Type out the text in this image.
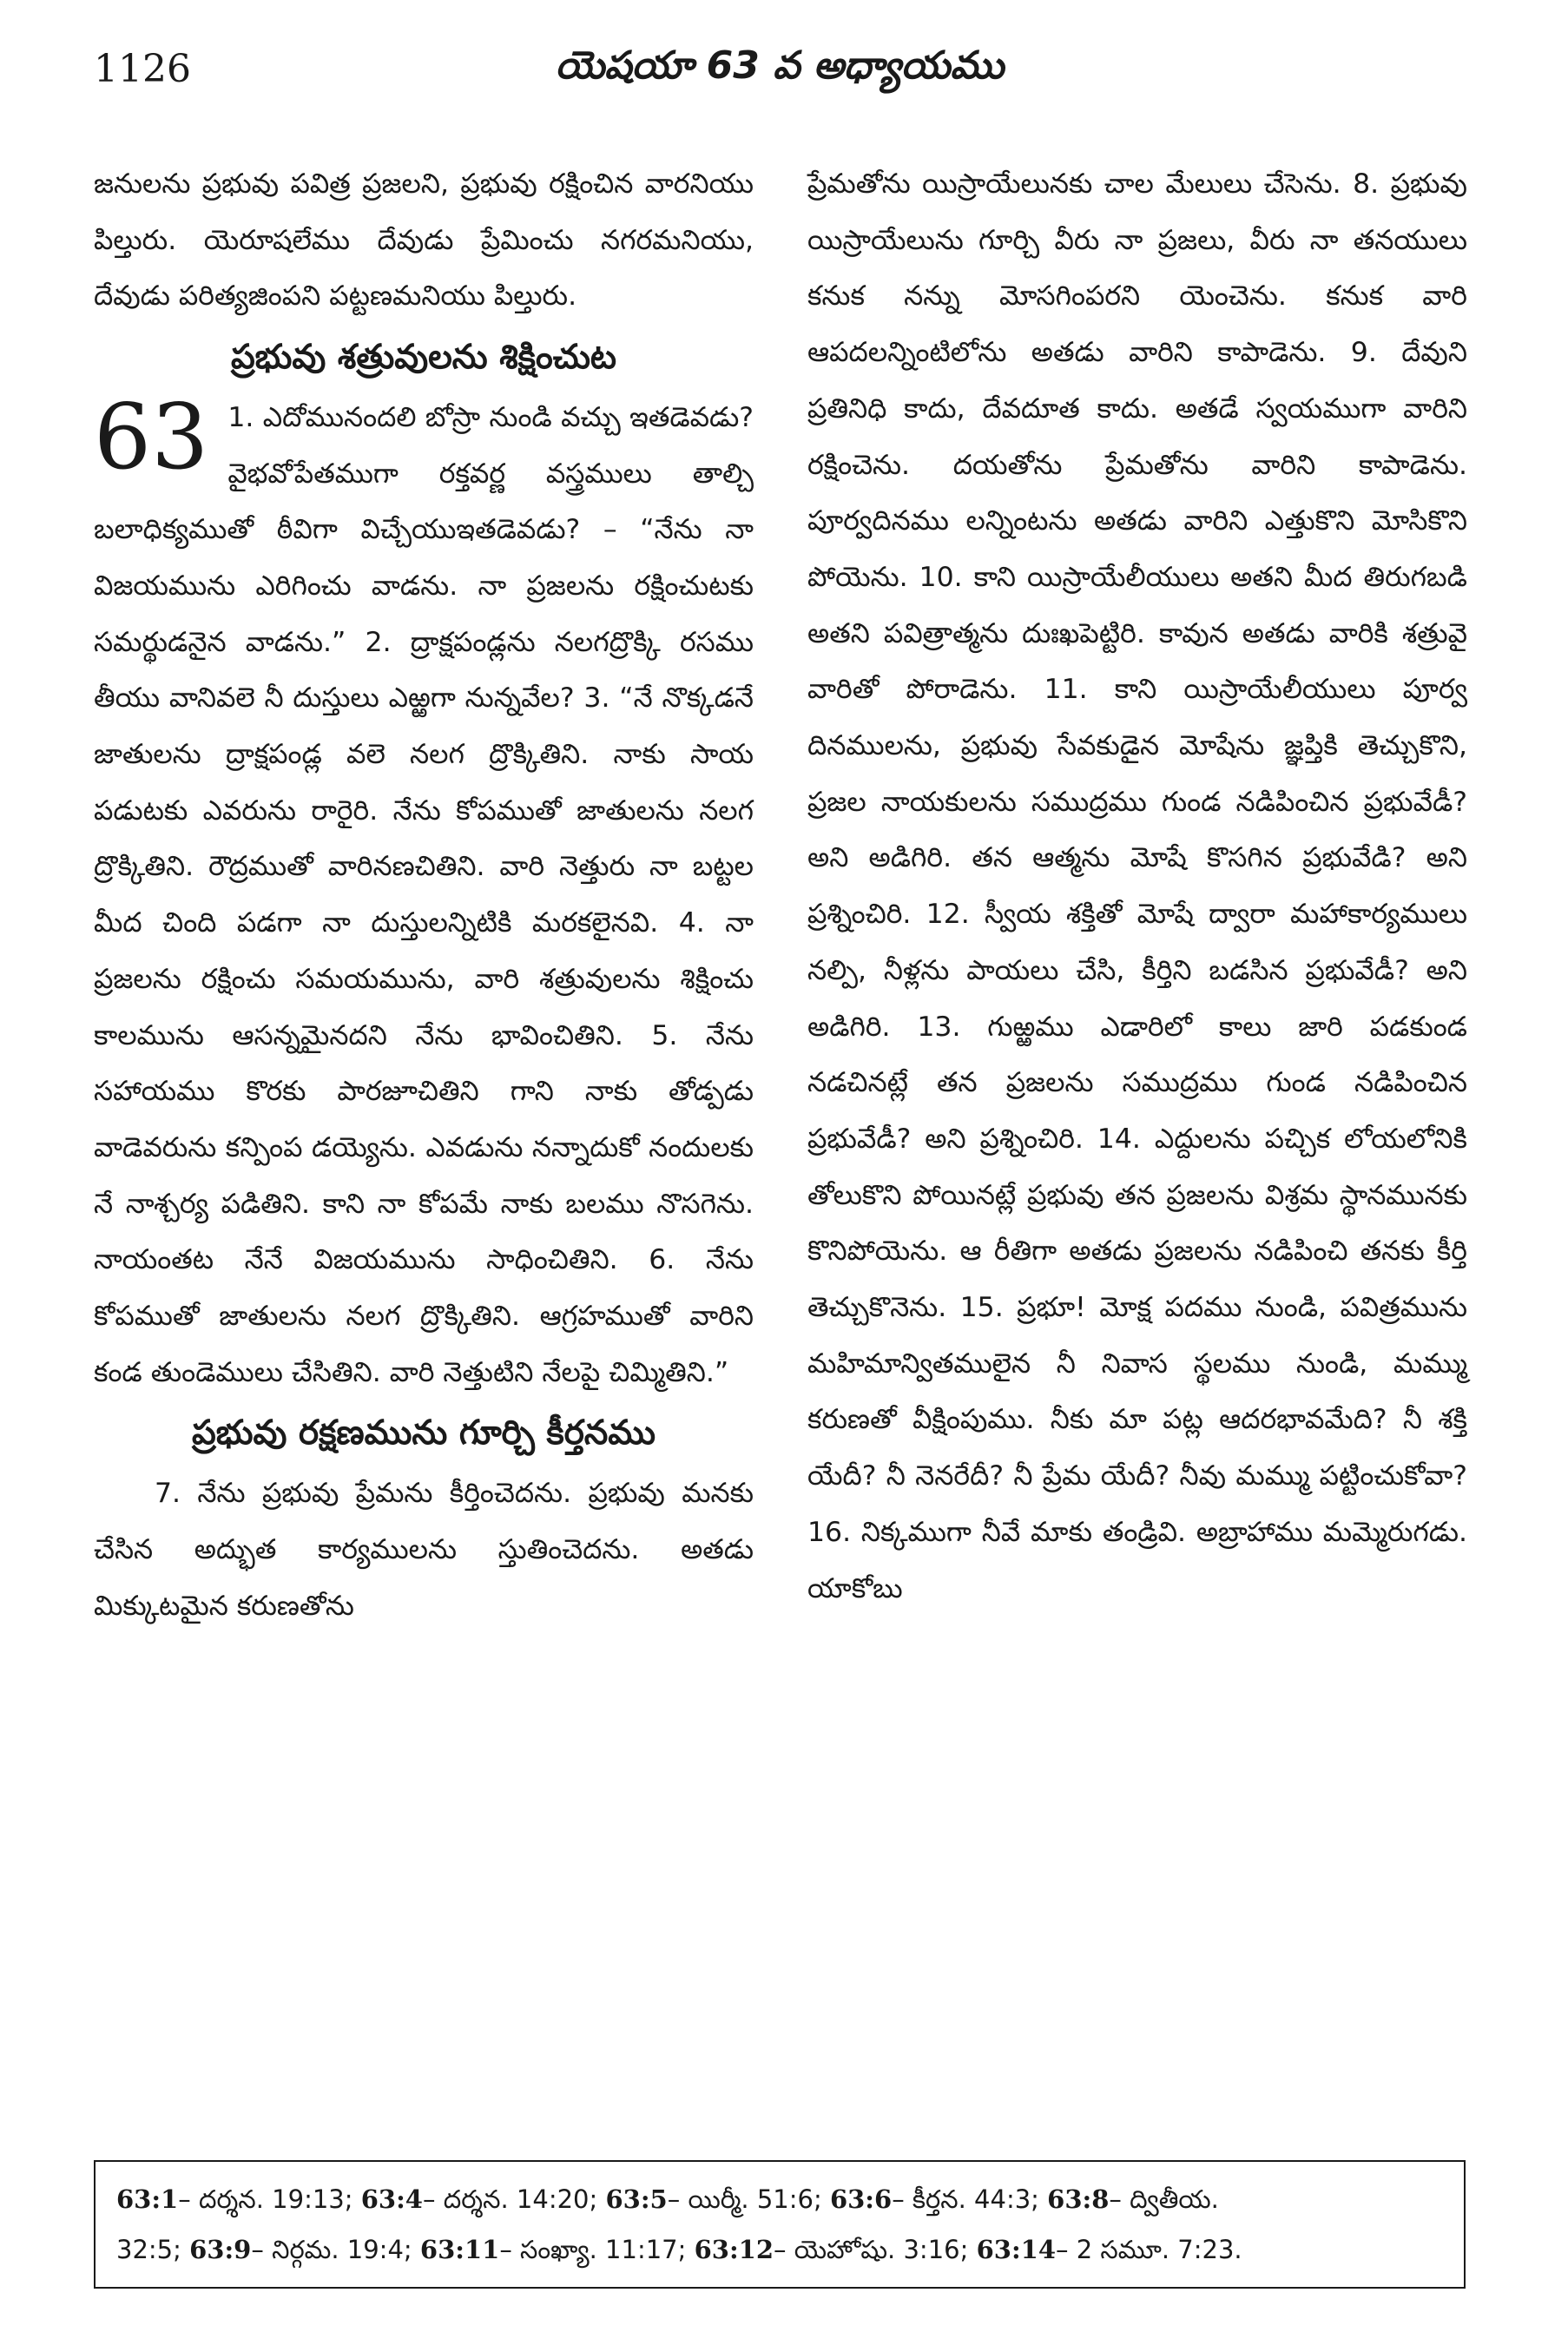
1126	యెషయా 63 వ అధ్యాయము

జనులను ప్రభువు పవిత్ర ప్రజలని, ప్రభువు రక్షించిన వారనియు పిల్తురు. యెరూషలేము దేవుడు ప్రేమించు నగరమనియు, దేవుడు పరిత్యజింపని పట్టణమనియు పిల్తురు.

ప్రభువు శత్రువులను శిక్షించుట

63 1. ఎదోమునందలి బోస్రా నుండి వచ్చు ఇతడెవడు? వైభవోపేతముగా రక్తవర్ణ వస్త్రములు తాల్చి బలాధిక్యముతో ఠీవిగా విచ్చేయుఇతడెవడు? – “నేను నా విజయమును ఎరిగించు వాడను. నా ప్రజలను రక్షించుటకు సమర్థుడనైన వాడను.” 2. ద్రాక్షపండ్లను నలగద్రొక్కి రసము తీయు వానివలె నీ దుస్తులు ఎఱ్ఱగా నున్నవేల? 3. “నే నొక్కడనే జాతులను ద్రాక్షపండ్ల వలె నలగ ద్రొక్కితిని. నాకు సాయ పడుటకు ఎవరును రారైరి. నేను కోపముతో జాతులను నలగ ద్రొక్కితిని. రౌద్రముతో వారినణచితిని. వారి నెత్తురు నా బట్టల మీద చింది పడగా నా దుస్తులన్నిటికి మరకలైనవి. 4. నా ప్రజలను రక్షించు సమయమును, వారి శత్రువులను శిక్షించు కాలమును ఆసన్నమైనదని నేను భావించితిని. 5. నేను సహాయము కొరకు పారజూచితిని గాని నాకు తోడ్పడు వాడెవరును కన్పింప డయ్యెను. ఎవడును నన్నాదుకో నందులకు నే నాశ్చర్య పడితిని. కాని నా కోపమే నాకు బలము నొసగెను. నాయంతట నేనే విజయమును సాధించితిని. 6. నేను కోపముతో జాతులను నలగ ద్రొక్కితిని. ఆగ్రహముతో వారిని కండ తుండెములు చేసితిని. వారి నెత్తుటిని నేలపై చిమ్మితిని.”

ప్రభువు రక్షణమును గూర్చి కీర్తనము

7. నేను ప్రభువు ప్రేమను కీర్తించెదను. ప్రభువు మనకు చేసిన అద్భుత కార్యములను స్తుతించెదను. అతడు మిక్కుటమైన కరుణతోను

ప్రేమతోను యిస్రాయేలునకు చాల మేలులు చేసెను. 8. ప్రభువు యిస్రాయేలును గూర్చి వీరు నా ప్రజలు, వీరు నా తనయులు కనుక నన్ను మోసగింపరని యెంచెను. కనుక వారి ఆపదలన్నింటిలోను అతడు వారిని కాపాడెను. 9. దేవుని ప్రతినిధి కాదు, దేవదూత కాదు. అతడే స్వయముగా వారిని రక్షించెను. దయతోను ప్రేమతోను వారిని కాపాడెను. పూర్వదినము లన్నింటను అతడు వారిని ఎత్తుకొని మోసికొని పోయెను. 10. కాని యిస్రాయేలీయులు అతని మీద తిరుగబడి అతని పవిత్రాత్మను దుఃఖపెట్టిరి. కావున అతడు వారికి శత్రువై వారితో పోరాడెను. 11. కాని యిస్రాయేలీయులు పూర్వ దినములను, ప్రభువు సేవకుడైన మోషేను జ్ఞప్తికి తెచ్చుకొని, ప్రజల నాయకులను సముద్రము గుండ నడిపించిన ప్రభువేడీ? అని అడిగిరి. తన ఆత్మను మోషే కొసగిన ప్రభువేడి? అని ప్రశ్నించిరి. 12. స్వీయ శక్తితో మోషే ద్వారా మహాకార్యములు నల్పి, నీళ్లను పాయలు చేసి, కీర్తిని బడసిన ప్రభువేడీ? అని అడిగిరి. 13. గుఱ్ఱము ఎడారిలో కాలు జారి పడకుండ నడచినట్లే తన ప్రజలను సముద్రము గుండ నడిపించిన ప్రభువేడీ? అని ప్రశ్నించిరి. 14. ఎద్దులను పచ్చిక లోయలోనికి తోలుకొని పోయినట్లే ప్రభువు తన ప్రజలను విశ్రమ స్థానమునకు కొనిపోయెను. ఆ రీతిగా అతడు ప్రజలను నడిపించి తనకు కీర్తి తెచ్చుకొనెను. 15. ప్రభూ! మోక్ష పదము నుండి, పవిత్రమును మహిమాన్వితములైన నీ నివాస స్థలము నుండి, మమ్ము కరుణతో వీక్షింపుము. నీకు మా పట్ల ఆదరభావమేది? నీ శక్తి యేదీ? నీ నెనరేదీ? నీ ప్రేమ యేదీ? నీవు మమ్ము పట్టించుకోవా? 16. నిక్కముగా నీవే మాకు తండ్రివి. అబ్రాహాము మమ్మెరుగడు. యాకోబు

63:1– దర్శన. 19:13; 63:4– దర్శన. 14:20; 63:5– యిర్మీ. 51:6; 63:6– కీర్తన. 44:3; 63:8– ద్వితీయ.
32:5; 63:9– నిర్గమ. 19:4; 63:11– సంఖ్యా. 11:17; 63:12– యెహోషు. 3:16; 63:14– 2 సమూ. 7:23.
